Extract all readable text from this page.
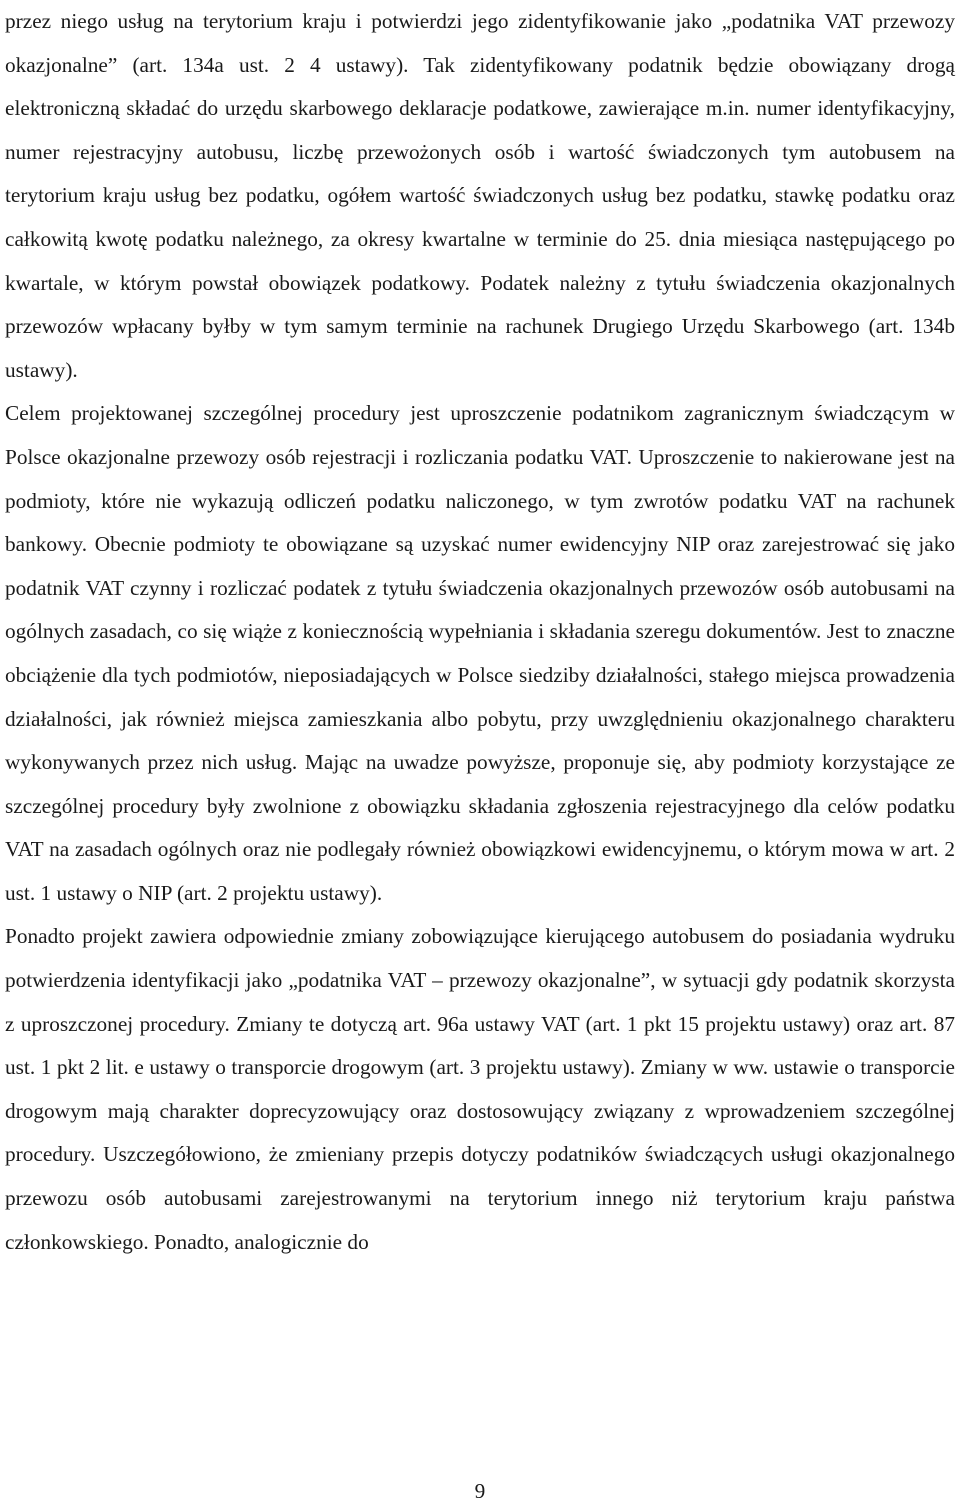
przez niego usług na terytorium kraju i potwierdzi jego zidentyfikowanie jako „podatnika VAT przewozy okazjonalne” (art. 134a ust. 2 4 ustawy). Tak zidentyfikowany podatnik będzie obowiązany drogą elektroniczną składać do urzędu skarbowego deklaracje podatkowe, zawierające m.in. numer identyfikacyjny, numer rejestracyjny autobusu, liczbę przewożonych osób i wartość świadczonych tym autobusem na terytorium kraju usług bez podatku, ogółem wartość świadczonych usług bez podatku, stawkę podatku oraz całkowitą kwotę podatku należnego, za okresy kwartalne w terminie do 25. dnia miesiąca następującego po kwartale, w którym powstał obowiązek podatkowy. Podatek należny z tytułu świadczenia okazjonalnych przewozów wpłacany byłby w tym samym terminie na rachunek Drugiego Urzędu Skarbowego (art. 134b ustawy).

Celem projektowanej szczególnej procedury jest uproszczenie podatnikom zagranicznym świadczącym w Polsce okazjonalne przewozy osób rejestracji i rozliczania podatku VAT. Uproszczenie to nakierowane jest na podmioty, które nie wykazują odliczeń podatku naliczonego, w tym zwrotów podatku VAT na rachunek bankowy. Obecnie podmioty te obowiązane są uzyskać numer ewidencyjny NIP oraz zarejestrować się jako podatnik VAT czynny i rozliczać podatek z tytułu świadczenia okazjonalnych przewozów osób autobusami na ogólnych zasadach, co się wiąże z koniecznością wypełniania i składania szeregu dokumentów. Jest to znaczne obciążenie dla tych podmiotów, nieposiadających w Polsce siedziby działalności, stałego miejsca prowadzenia działalności, jak również miejsca zamieszkania albo pobytu, przy uwzględnieniu okazjonalnego charakteru wykonywanych przez nich usług. Mając na uwadze powyższe, proponuje się, aby podmioty korzystające ze szczególnej procedury były zwolnione z obowiązku składania zgłoszenia rejestracyjnego dla celów podatku VAT na zasadach ogólnych oraz nie podlegały również obowiązkowi ewidencyjnemu, o którym mowa w art. 2 ust. 1 ustawy o NIP (art. 2 projektu ustawy).

Ponadto projekt zawiera odpowiednie zmiany zobowiązujące kierującego autobusem do posiadania wydruku potwierdzenia identyfikacji jako „podatnika VAT – przewozy okazjonalne”, w sytuacji gdy podatnik skorzysta z uproszczonej procedury. Zmiany te dotyczą art. 96a ustawy VAT (art. 1 pkt 15 projektu ustawy) oraz art. 87 ust. 1 pkt 2 lit. e ustawy o transporcie drogowym (art. 3 projektu ustawy). Zmiany w ww. ustawie o transporcie drogowym mają charakter doprecyzowujący oraz dostosowujący związany z wprowadzeniem szczególnej procedury. Uszczegółowiono, że zmieniany przepis dotyczy podatników świadczących usługi okazjonalnego przewozu osób autobusami zarejestrowanymi na terytorium innego niż terytorium kraju państwa członkowskiego. Ponadto, analogicznie do

9
